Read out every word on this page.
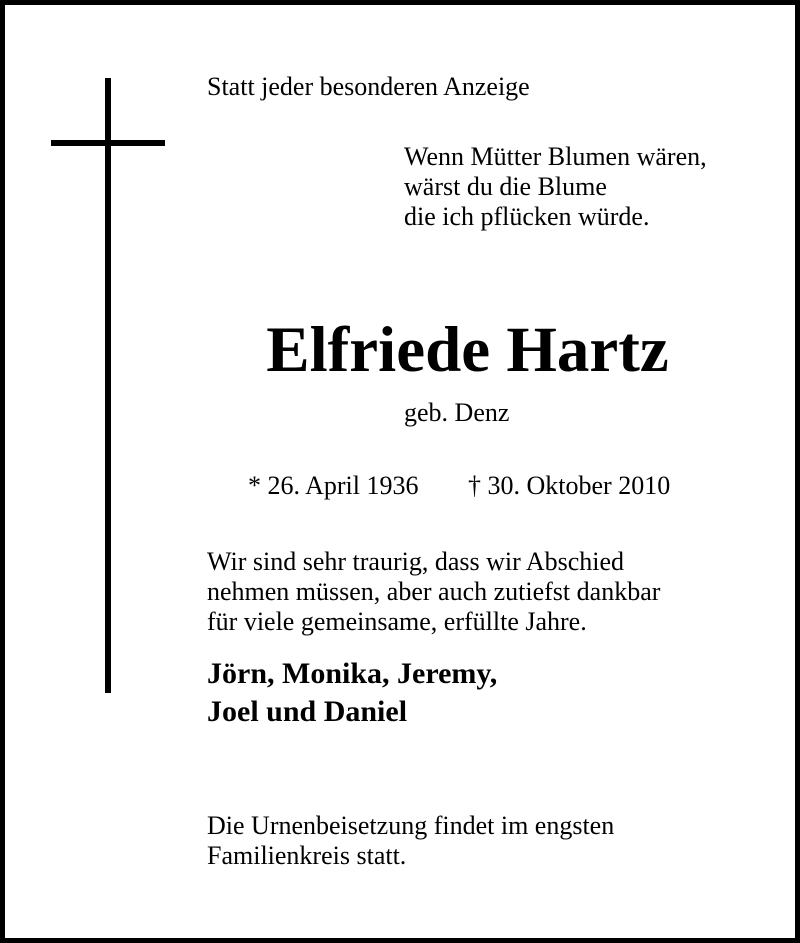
Statt jeder besonderen Anzeige
Wenn Mütter Blumen wären,
wärst du die Blume
die ich pflücken würde.
Elfriede Hartz
geb. Denz
* 26. April 1936 † 30. Oktober 2010
Wir sind sehr traurig, dass wir Abschied
nehmen müssen, aber auch zutiefst dankbar
für viele gemeinsame, erfüllte Jahre.
Jörn, Monika, Jeremy,
Joel und Daniel
Die Urnenbeisetzung findet im engsten
Familienkreis statt.
